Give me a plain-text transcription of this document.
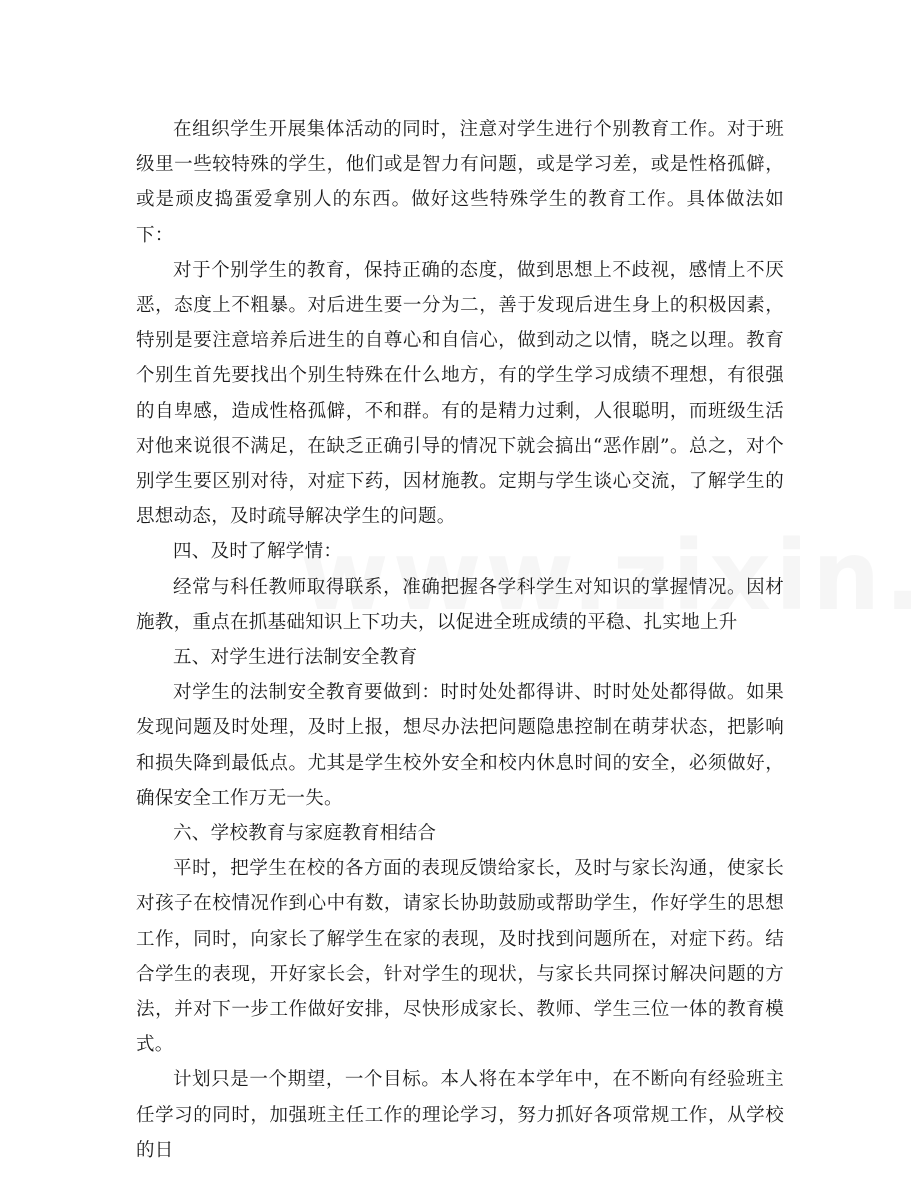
在组织学生开展集体活动的同时，注意对学生进行个别教育工作。对于班级里一些较特殊的学生，他们或是智力有问题，或是学习差，或是性格孤僻，或是顽皮捣蛋爱拿别人的东西。做好这些特殊学生的教育工作。具体做法如下：

对于个别学生的教育，保持正确的态度，做到思想上不歧视，感情上不厌恶，态度上不粗暴。对后进生要一分为二，善于发现后进生身上的积极因素，特别是要注意培养后进生的自尊心和自信心，做到动之以情，晓之以理。教育个别生首先要找出个别生特殊在什么地方，有的学生学习成绩不理想，有很强的自卑感，造成性格孤僻，不和群。有的是精力过剩，人很聪明，而班级生活对他来说很不满足，在缺乏正确引导的情况下就会搞出“恶作剧”。总之，对个别学生要区别对待，对症下药，因材施教。定期与学生谈心交流，了解学生的思想动态，及时疏导解决学生的问题。

四、及时了解学情：

经常与科任教师取得联系，准确把握各学科学生对知识的掌握情况。因材施教，重点在抓基础知识上下功夫，以促进全班成绩的平稳、扎实地上升

五、对学生进行法制安全教育

对学生的法制安全教育要做到：时时处处都得讲、时时处处都得做。如果发现问题及时处理，及时上报，想尽办法把问题隐患控制在萌芽状态，把影响和损失降到最低点。尤其是学生校外安全和校内休息时间的安全，必须做好，确保安全工作万无一失。

六、学校教育与家庭教育相结合

平时，把学生在校的各方面的表现反馈给家长，及时与家长沟通，使家长对孩子在校情况作到心中有数，请家长协助鼓励或帮助学生，作好学生的思想工作，同时，向家长了解学生在家的表现，及时找到问题所在，对症下药。结合学生的表现，开好家长会，针对学生的现状，与家长共同探讨解决问题的方法，并对下一步工作做好安排，尽快形成家长、教师、学生三位一体的教育模式。

计划只是一个期望，一个目标。本人将在本学年中，在不断向有经验班主任学习的同时，加强班主任工作的理论学习，努力抓好各项常规工作，从学校的日
